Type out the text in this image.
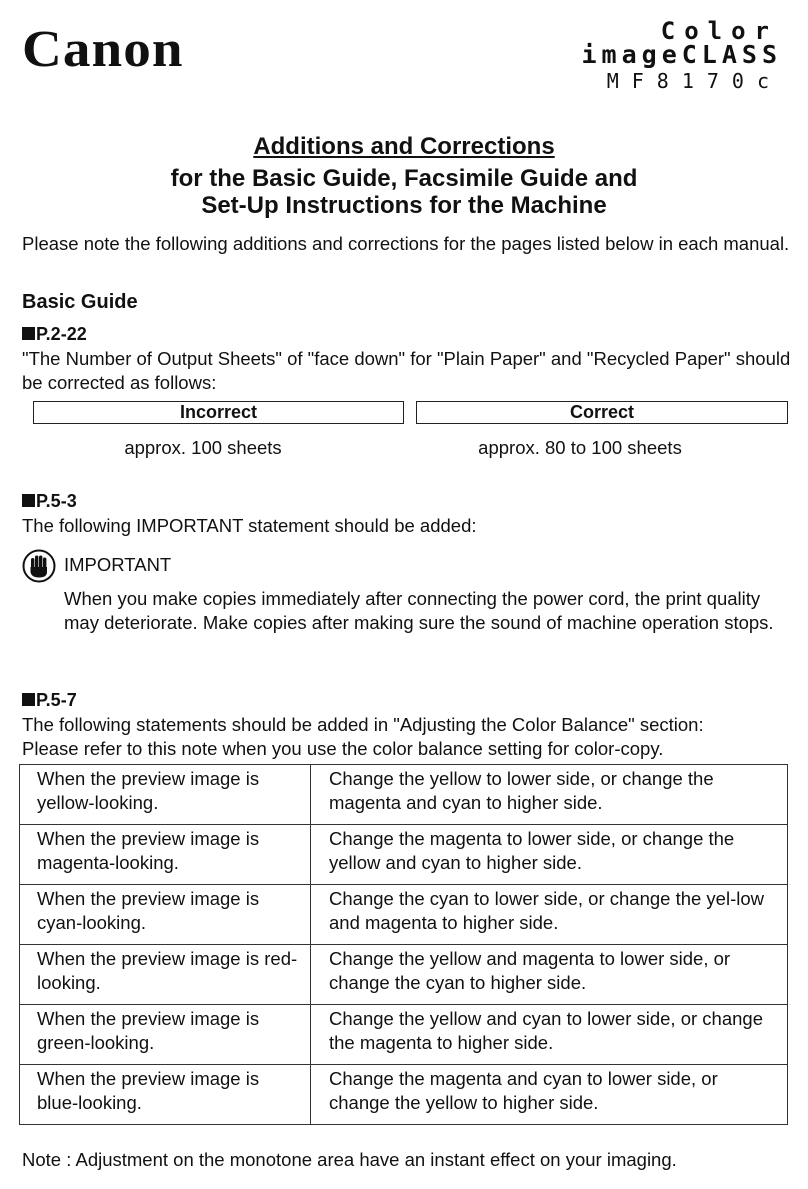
Canon	Color
imageCLASS
MF8170c
Additions and Corrections
for the Basic Guide, Facsimile Guide and
Set-Up Instructions for the Machine
Please note the following additions and corrections for the pages listed below in each manual.
Basic Guide
P.2-22
"The Number of Output Sheets" of "face down" for "Plain Paper" and "Recycled Paper" should be corrected as follows:
Incorrect	Correct
approx. 100 sheets	approx. 80 to 100 sheets
P.5-3
The following IMPORTANT statement should be added:
IMPORTANT
When you make copies immediately after connecting the power cord, the print quality may deteriorate. Make copies after making sure the sound of machine operation stops.
P.5-7
The following statements should be added in "Adjusting the Color Balance" section:
Please refer to this note when you use the color balance setting for color-copy.
When the preview image is yellow-looking.	Change the yellow to lower side, or change the magenta and cyan to higher side.
When the preview image is magenta-looking.	Change the magenta to lower side, or change the yellow and cyan to higher side.
When the preview image is cyan-looking.	Change the cyan to lower side, or change the yel-low and magenta to higher side.
When the preview image is red-looking.	Change the yellow and magenta to lower side, or change the cyan to higher side.
When the preview image is green-looking.	Change the yellow and cyan to lower side, or change the magenta to higher side.
When the preview image is blue-looking.	Change the magenta and cyan to lower side, or change the yellow to higher side.
Note : Adjustment on the monotone area have an instant effect on your imaging.
